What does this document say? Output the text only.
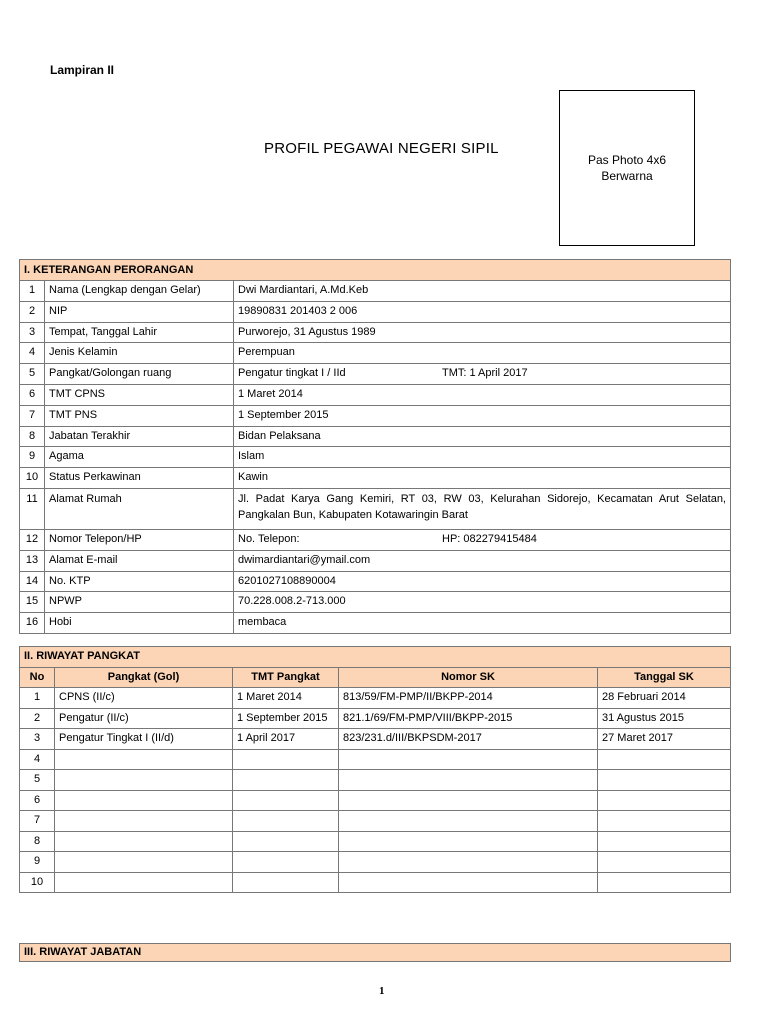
Lampiran II
PROFIL PEGAWAI NEGERI SIPIL
Pas Photo 4x6
Berwarna
I. KETERANGAN PERORANGAN		
1	Nama (Lengkap dengan Gelar)	Dwi Mardiantari, A.Md.Keb
2	NIP	19890831 201403 2 006
3	Tempat, Tanggal Lahir	Purworejo, 31 Agustus 1989
4	Jenis Kelamin	Perempuan
5	Pangkat/Golongan ruang	Pengatur tingkat I / IId TMT: 1 April 2017

6	TMT CPNS	1 Maret 2014
7	TMT PNS	1 September 2015
8	Jabatan Terakhir	Bidan Pelaksana
9	Agama	Islam
10	Status Perkawinan	Kawin
11	Alamat Rumah	Jl. Padat Karya Gang Kemiri, RT 03, RW 03, Kelurahan Sidorejo, Kecamatan Arut Selatan, Pangkalan Bun, Kabupaten Kotawaringin Barat
12	Nomor Telepon/HP	No. Telepon: HP: 082279415484

13	Alamat E-mail	dwimardiantari@ymail.com
14	No. KTP	6201027108890004
15	NPWP	70.228.008.2-713.000
16	Hobi	membaca
II. RIWAYAT PANGKAT				
No	Pangkat (Gol)	TMT Pangkat	Nomor SK	Tanggal SK
1	CPNS (II/c)	1 Maret 2014	813/59/FM-PMP/II/BKPP-2014	28 Februari 2014
2	Pengatur (II/c)	1 September 2015	821.1/69/FM-PMP/VIII/BKPP-2015	31 Agustus 2015
3	Pengatur Tingkat I (II/d)	1 April 2017	823/231.d/III/BKPSDM-2017	27 Maret 2017
4				
5				
6				
7				
8				
9				
10				
III. RIWAYAT JABATAN
1
